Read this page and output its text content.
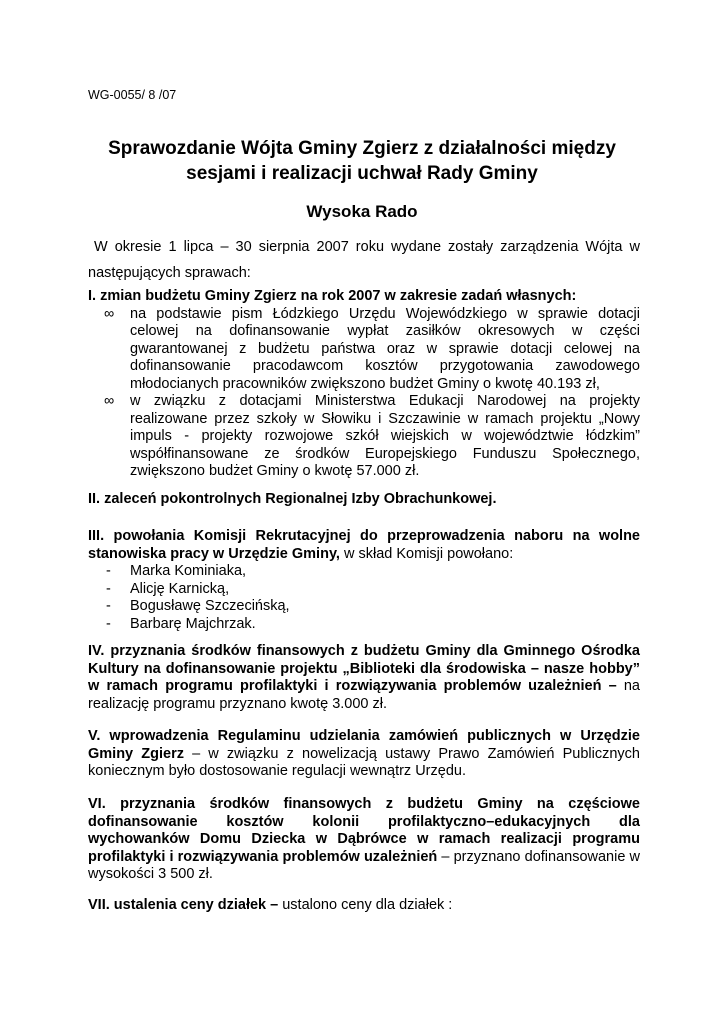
WG-0055/ 8 /07
Sprawozdanie Wójta Gminy Zgierz z działalności między
sesjami i realizacji uchwał Rady Gminy
Wysoka Rado
W okresie 1 lipca – 30 sierpnia 2007 roku wydane zostały zarządzenia Wójta w następujących sprawach:
I. zmian budżetu Gminy Zgierz na rok 2007 w zakresie zadań własnych:
∞ na podstawie pism Łódzkiego Urzędu Wojewódzkiego w sprawie dotacji celowej na dofinansowanie wypłat zasiłków okresowych w części gwarantowanej z budżetu państwa oraz w sprawie dotacji celowej na dofinansowanie pracodawcom kosztów przygotowania zawodowego młodocianych pracowników zwiększono budżet Gminy o kwotę 40.193 zł,
∞ w związku z dotacjami Ministerstwa Edukacji Narodowej na projekty realizowane przez szkoły w Słowiku i Szczawinie w ramach projektu „Nowy impuls - projekty rozwojowe szkół wiejskich w województwie łódzkim” współfinansowane ze środków Europejskiego Funduszu Społecznego, zwiększono budżet Gminy o kwotę 57.000 zł.
II. zaleceń pokontrolnych Regionalnej Izby Obrachunkowej.
III. powołania Komisji Rekrutacyjnej do przeprowadzenia naboru na wolne stanowiska pracy w Urzędzie Gminy, w skład Komisji powołano:
- Marka Kominiaka,
- Alicję Karnicką,
- Bogusławę Szczecińską,
- Barbarę Majchrzak.
IV. przyznania środków finansowych z budżetu Gminy dla Gminnego Ośrodka Kultury na dofinansowanie projektu „Biblioteki dla środowiska – nasze hobby” w ramach programu profilaktyki i rozwiązywania problemów uzależnień – na realizację programu przyznano kwotę 3.000 zł.
V. wprowadzenia Regulaminu udzielania zamówień publicznych w Urzędzie Gminy Zgierz – w związku z nowelizacją ustawy Prawo Zamówień Publicznych koniecznym było dostosowanie regulacji wewnątrz Urzędu.
VI. przyznania środków finansowych z budżetu Gminy na częściowe dofinansowanie kosztów kolonii profilaktyczno–edukacyjnych dla wychowanków Domu Dziecka w Dąbrówce w ramach realizacji programu profilaktyki i rozwiązywania problemów uzależnień – przyznano dofinansowanie w wysokości 3 500 zł.
VII. ustalenia ceny działek – ustalono ceny dla działek :
